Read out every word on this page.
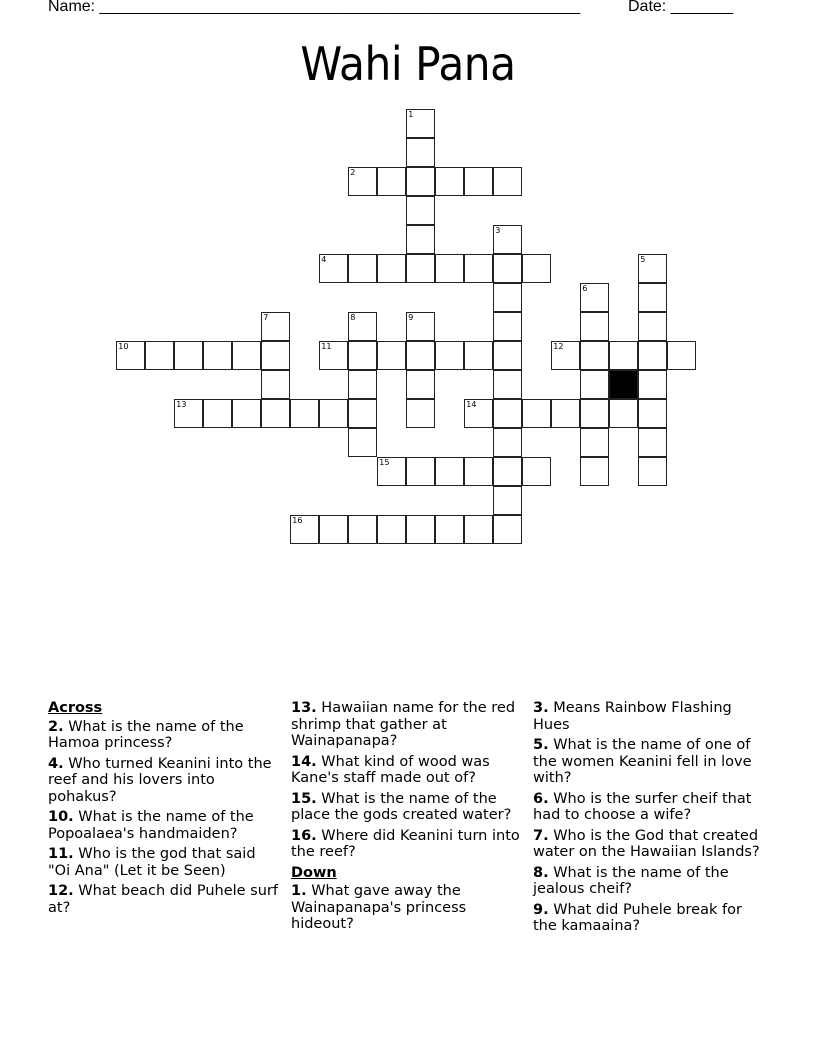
Name: ______________________________________________________	Date: _______
Wahi Pana
1
2
3
4	5
6
7	8	9
10	11	12
13	14
15
16
Across
2. What is the name of the Hamoa princess?
4. Who turned Keanini into the reef and his lovers into pohakus?
10. What is the name of the Popoalaea's handmaiden?
11. Who is the god that said "Oi Ana" (Let it be Seen)
12. What beach did Puhele surf at?
13. Hawaiian name for the red shrimp that gather at Wainapanapa?
14. What kind of wood was Kane's staff made out of?
15. What is the name of the place the gods created water?
16. Where did Keanini turn into the reef?
Down
1. What gave away the Wainapanapa's princess hideout?
3. Means Rainbow Flashing Hues
5. What is the name of one of the women Keanini fell in love with?
6. Who is the surfer cheif that had to choose a wife?
7. Who is the God that created water on the Hawaiian Islands?
8. What is the name of the jealous cheif?
9. What did Puhele break for the kamaaina?
